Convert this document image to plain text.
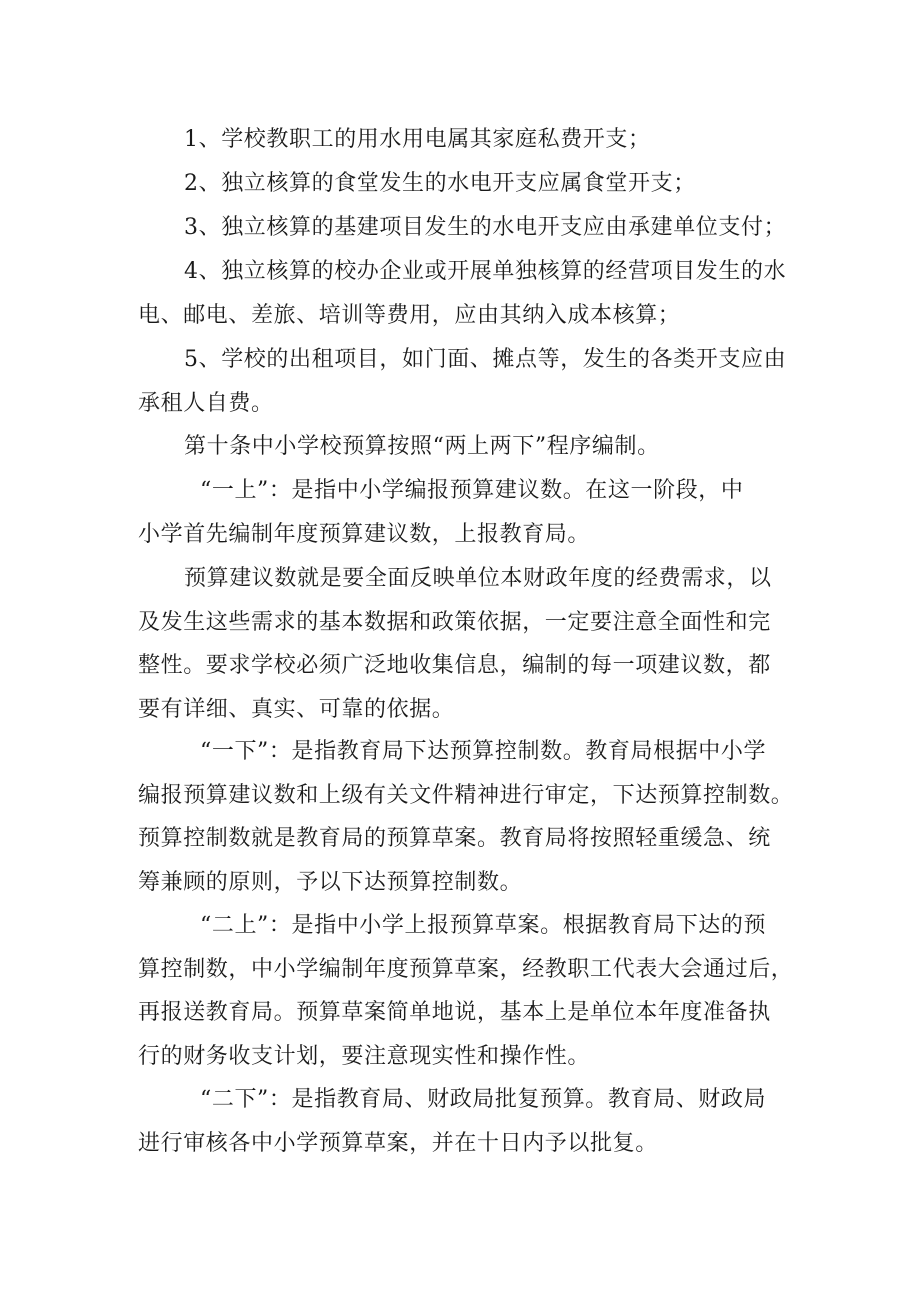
1、学校教职工的用水用电属其家庭私费开支；

2、独立核算的食堂发生的水电开支应属食堂开支；

3、独立核算的基建项目发生的水电开支应由承建单位支付；

4、独立核算的校办企业或开展单独核算的经营项目发生的水
电、邮电、差旅、培训等费用，应由其纳入成本核算；

5、学校的出租项目，如门面、摊点等，发生的各类开支应由
承租人自费。

第十条中小学校预算按照“两上两下”程序编制。

“一上”：是指中小学编报预算建议数。在这一阶段，中
小学首先编制年度预算建议数，上报教育局。

预算建议数就是要全面反映单位本财政年度的经费需求，以
及发生这些需求的基本数据和政策依据，一定要注意全面性和完
整性。要求学校必须广泛地收集信息，编制的每一项建议数，都
要有详细、真实、可靠的依据。

“一下”：是指教育局下达预算控制数。教育局根据中小学
编报预算建议数和上级有关文件精神进行审定，下达预算控制数。
预算控制数就是教育局的预算草案。教育局将按照轻重缓急、统
筹兼顾的原则，予以下达预算控制数。

“二上”：是指中小学上报预算草案。根据教育局下达的预
算控制数，中小学编制年度预算草案，经教职工代表大会通过后，
再报送教育局。预算草案简单地说，基本上是单位本年度准备执
行的财务收支计划，要注意现实性和操作性。

“二下”：是指教育局、财政局批复预算。教育局、财政局
进行审核各中小学预算草案，并在十日内予以批复。
